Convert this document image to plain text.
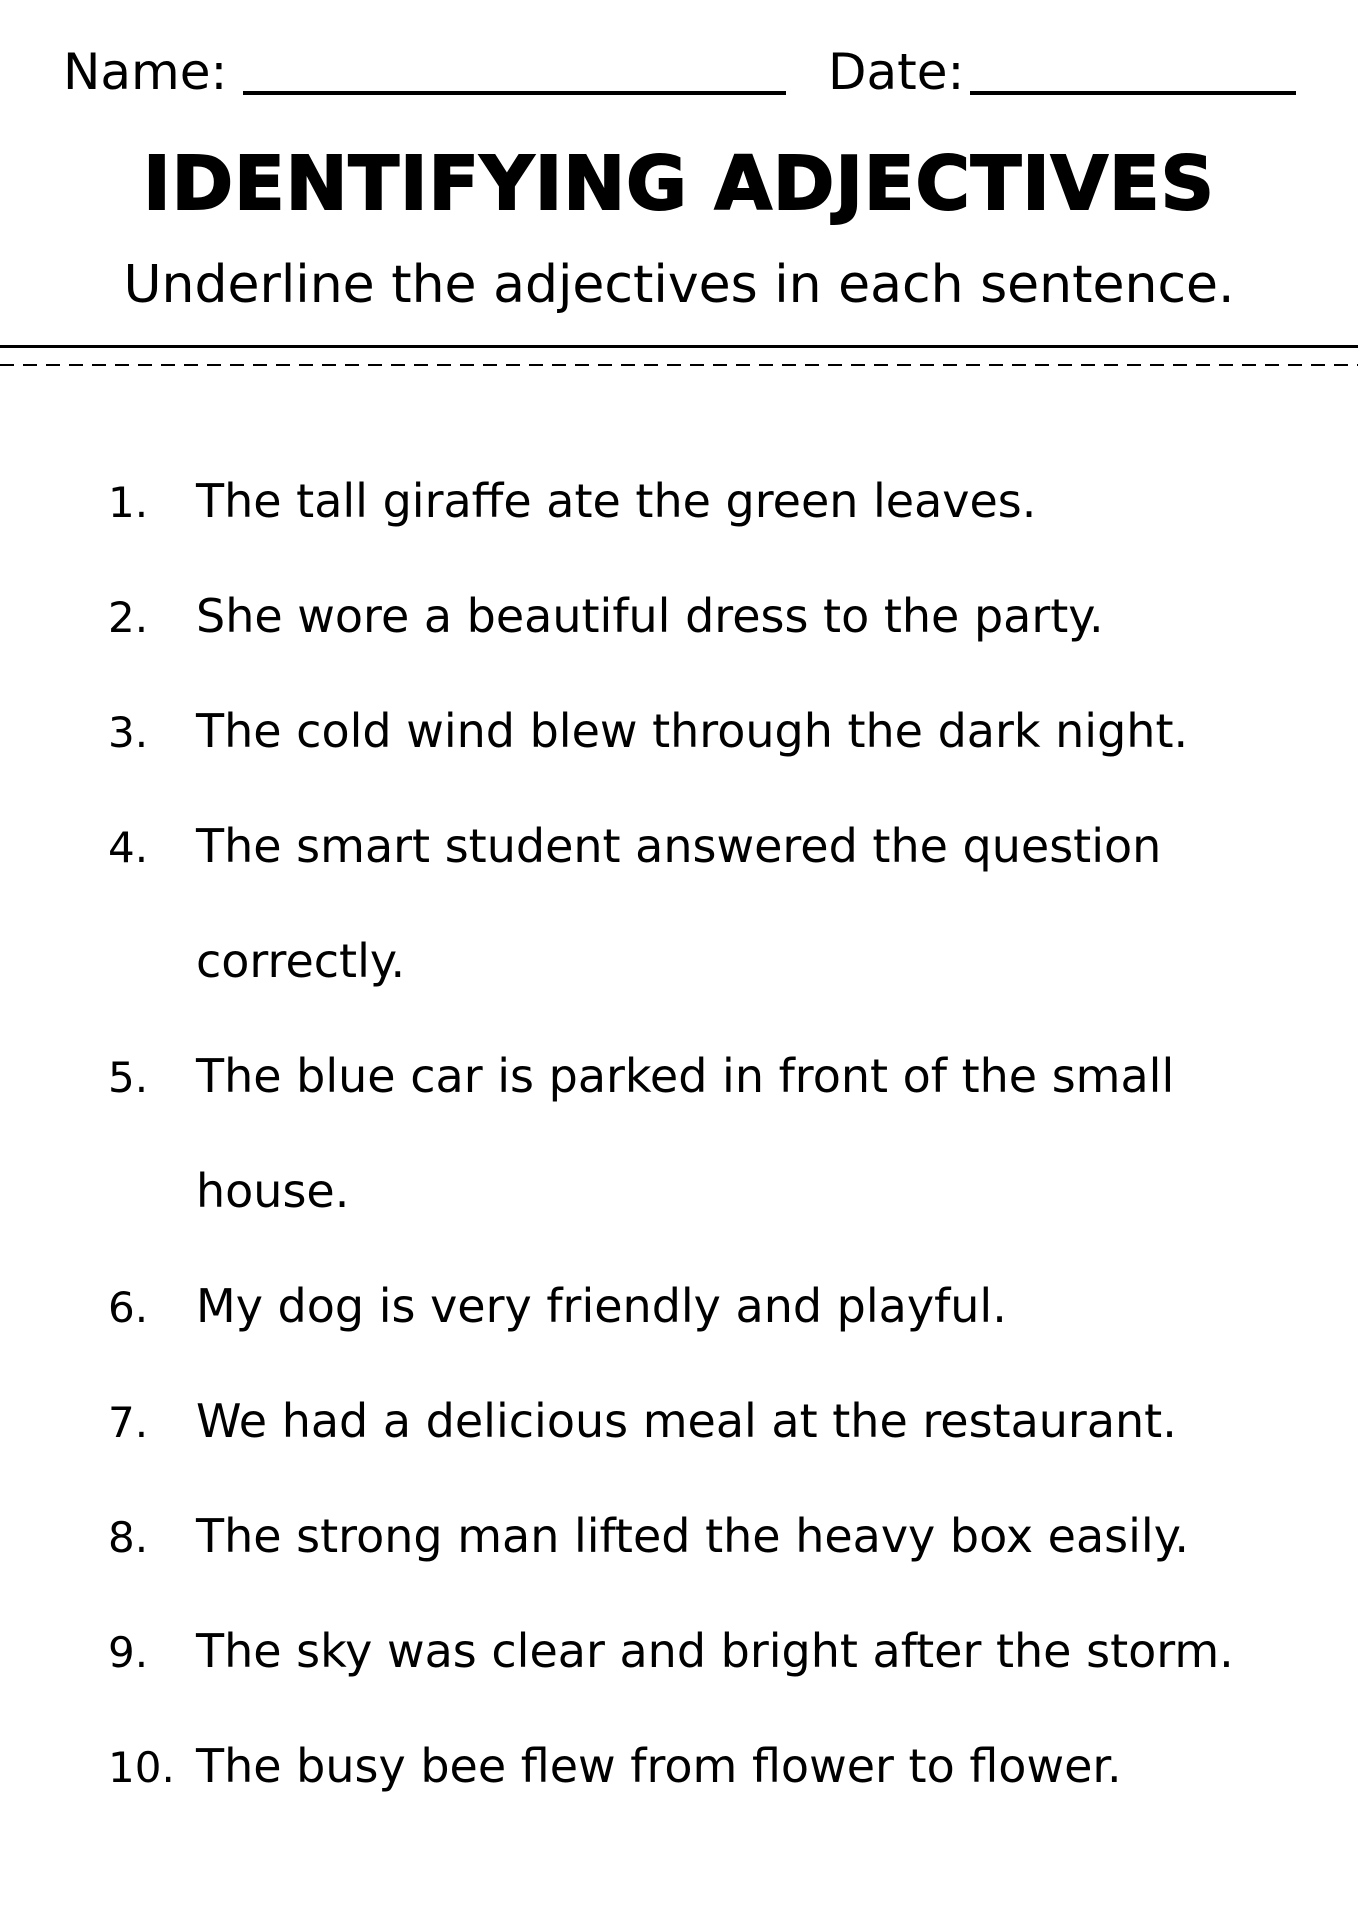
Name:	Date:
IDENTIFYING ADJECTIVES
Underline the adjectives in each sentence.
1.	The tall giraffe ate the green leaves.
2.	She wore a beautiful dress to the party.
3.	The cold wind blew through the dark night.
4.	The smart student answered the question
correctly.
5.	The blue car is parked in front of the small
house.
6.	My dog is very friendly and playful.
7.	We had a delicious meal at the restaurant.
8.	The strong man lifted the heavy box easily.
9.	The sky was clear and bright after the storm.
10. The busy bee flew from flower to flower.
